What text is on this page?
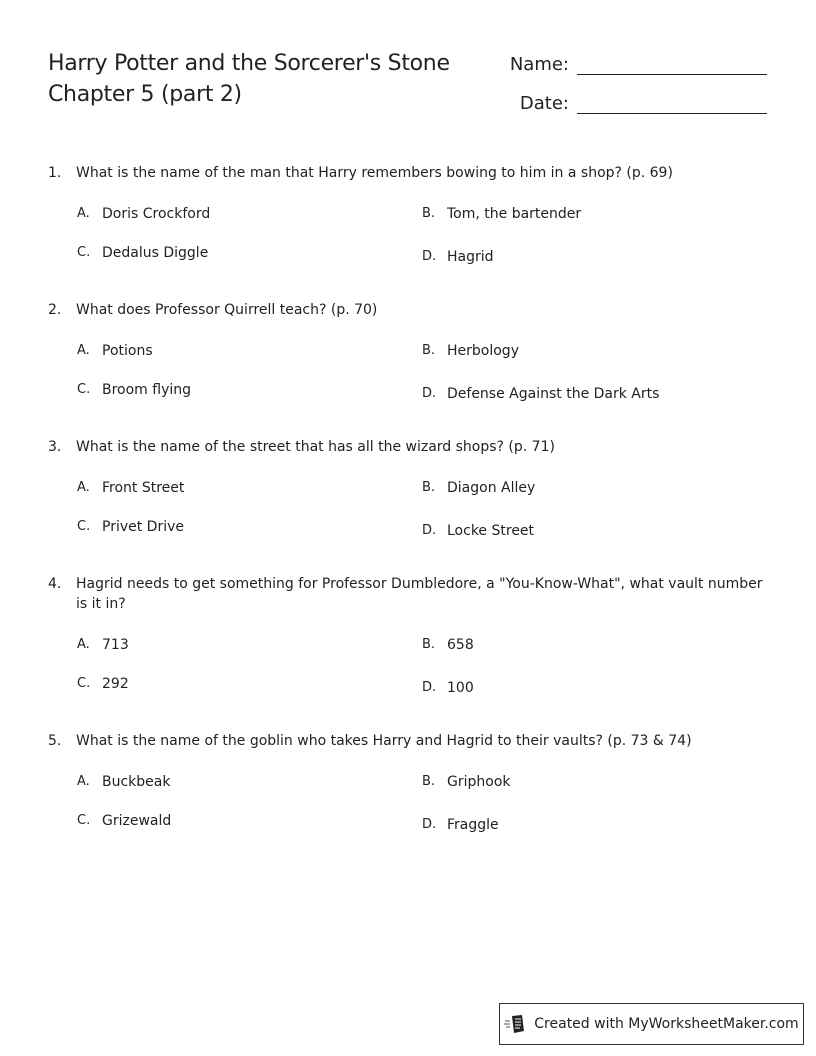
Harry Potter and the Sorcerer's Stone
Chapter 5 (part 2)
Name:
Date:
1.	What is the name of the man that Harry remembers bowing to him in a shop? (p. 69)
A. Doris Crockford	B. Tom, the bartender
C. Dedalus Diggle	D. Hagrid
2.	What does Professor Quirrell teach? (p. 70)
A. Potions	B. Herbology
C. Broom flying	D. Defense Against the Dark Arts
3.	What is the name of the street that has all the wizard shops? (p. 71)
A. Front Street	B. Diagon Alley
C. Privet Drive	D. Locke Street
4.	Hagrid needs to get something for Professor Dumbledore, a "You-Know-What", what vault number is it in?
A. 713	B. 658
C. 292	D. 100
5.	What is the name of the goblin who takes Harry and Hagrid to their vaults? (p. 73 & 74)
A. Buckbeak	B. Griphook
C. Grizewald	D. Fraggle
Created with MyWorksheetMaker.com
